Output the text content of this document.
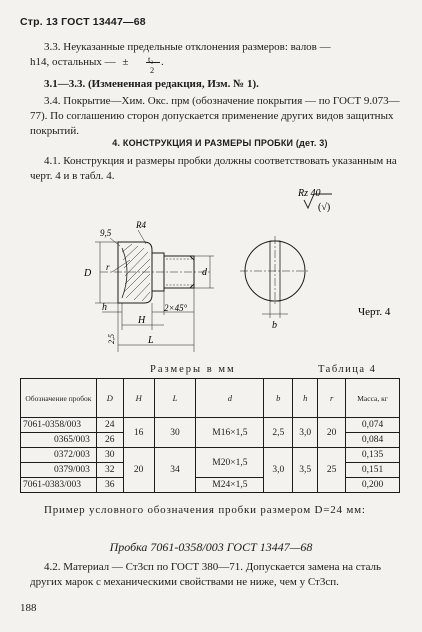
Стр. 13 ГОСТ 13447—68
3.3. Неуказанные предельные отклонения размеров: валов —
h14, остальных — ± t₂
2
.
3.1—3.3. (Измененная редакция, Изм. № 1).
3.4. Покрытие—Хим. Окс. прм (обозначение покрытия — по ГОСТ 9.073—77). По соглашению сторон допускается применение других видов защитных покрытий.
4. КОНСТРУКЦИЯ И РАЗМЕРЫ ПРОБКИ (дет. 3)
4.1. Конструкция и размеры пробки должны соответствовать указанным на черт. 4 и в табл. 4.
Rz 40
(√)
9,5
R4
D
r	d
h	2×45°
H
L
2,5
b
Черт. 4
Размеры в мм	Таблица 4
Обозначение пробок	D	H	L	d	b	h	r	Масса, кг
7061-0358/003	24	16	30	M16×1,5	2,5	3,0	20	0,074
0365/003	26							0,084
0372/003	30	20	34	M20×1,5	3,0	3,5	25	0,135
0379/003	32							0,151
7061-0383/003	36			M24×1,5				0,200
Пример условного обозначения пробки размером D=24 мм:
Пробка 7061-0358/003 ГОСТ 13447—68
4.2. Материал — Ст3сп по ГОСТ 380—71. Допускается замена на сталь других марок с механическими свойствами не ниже, чем у Ст3сп.
188
